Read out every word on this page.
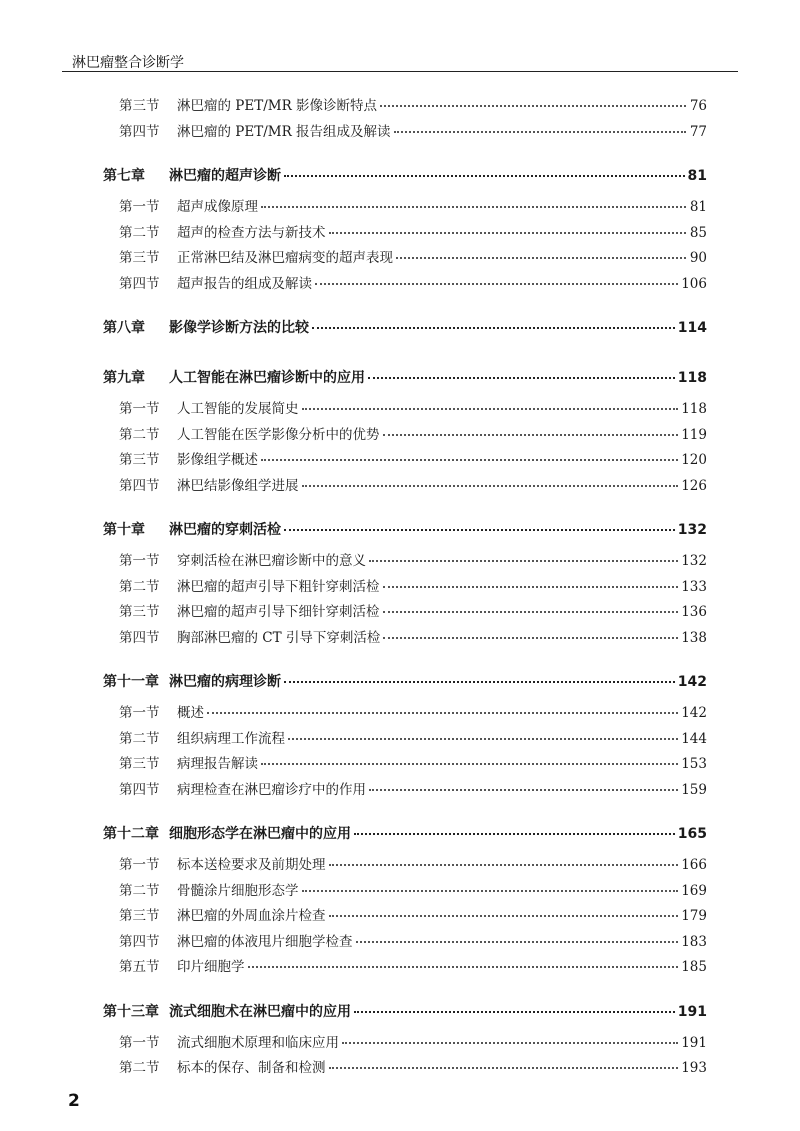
淋巴瘤整合诊断学
第三节	淋巴瘤的 PET/MR 影像诊断特点	76
第四节	淋巴瘤的 PET/MR 报告组成及解读	77
第七章	淋巴瘤的超声诊断	81
第一节	超声成像原理	81
第二节	超声的检查方法与新技术	85
第三节	正常淋巴结及淋巴瘤病变的超声表现	90
第四节	超声报告的组成及解读	106
第八章	影像学诊断方法的比较	114
第九章	人工智能在淋巴瘤诊断中的应用	118
第一节	人工智能的发展简史	118
第二节	人工智能在医学影像分析中的优势	119
第三节	影像组学概述	120
第四节	淋巴结影像组学进展	126
第十章	淋巴瘤的穿刺活检	132
第一节	穿刺活检在淋巴瘤诊断中的意义	132
第二节	淋巴瘤的超声引导下粗针穿刺活检	133
第三节	淋巴瘤的超声引导下细针穿刺活检	136
第四节	胸部淋巴瘤的 CT 引导下穿刺活检	138
第十一章 淋巴瘤的病理诊断	142
第一节	概述	142
第二节	组织病理工作流程	144
第三节	病理报告解读	153
第四节	病理检查在淋巴瘤诊疗中的作用	159
第十二章 细胞形态学在淋巴瘤中的应用	165
第一节	标本送检要求及前期处理	166
第二节	骨髓涂片细胞形态学	169
第三节	淋巴瘤的外周血涂片检查	179
第四节	淋巴瘤的体液甩片细胞学检查	183
第五节	印片细胞学	185
第十三章 流式细胞术在淋巴瘤中的应用	191
第一节	流式细胞术原理和临床应用	191
第二节	标本的保存、制备和检测	193
2
